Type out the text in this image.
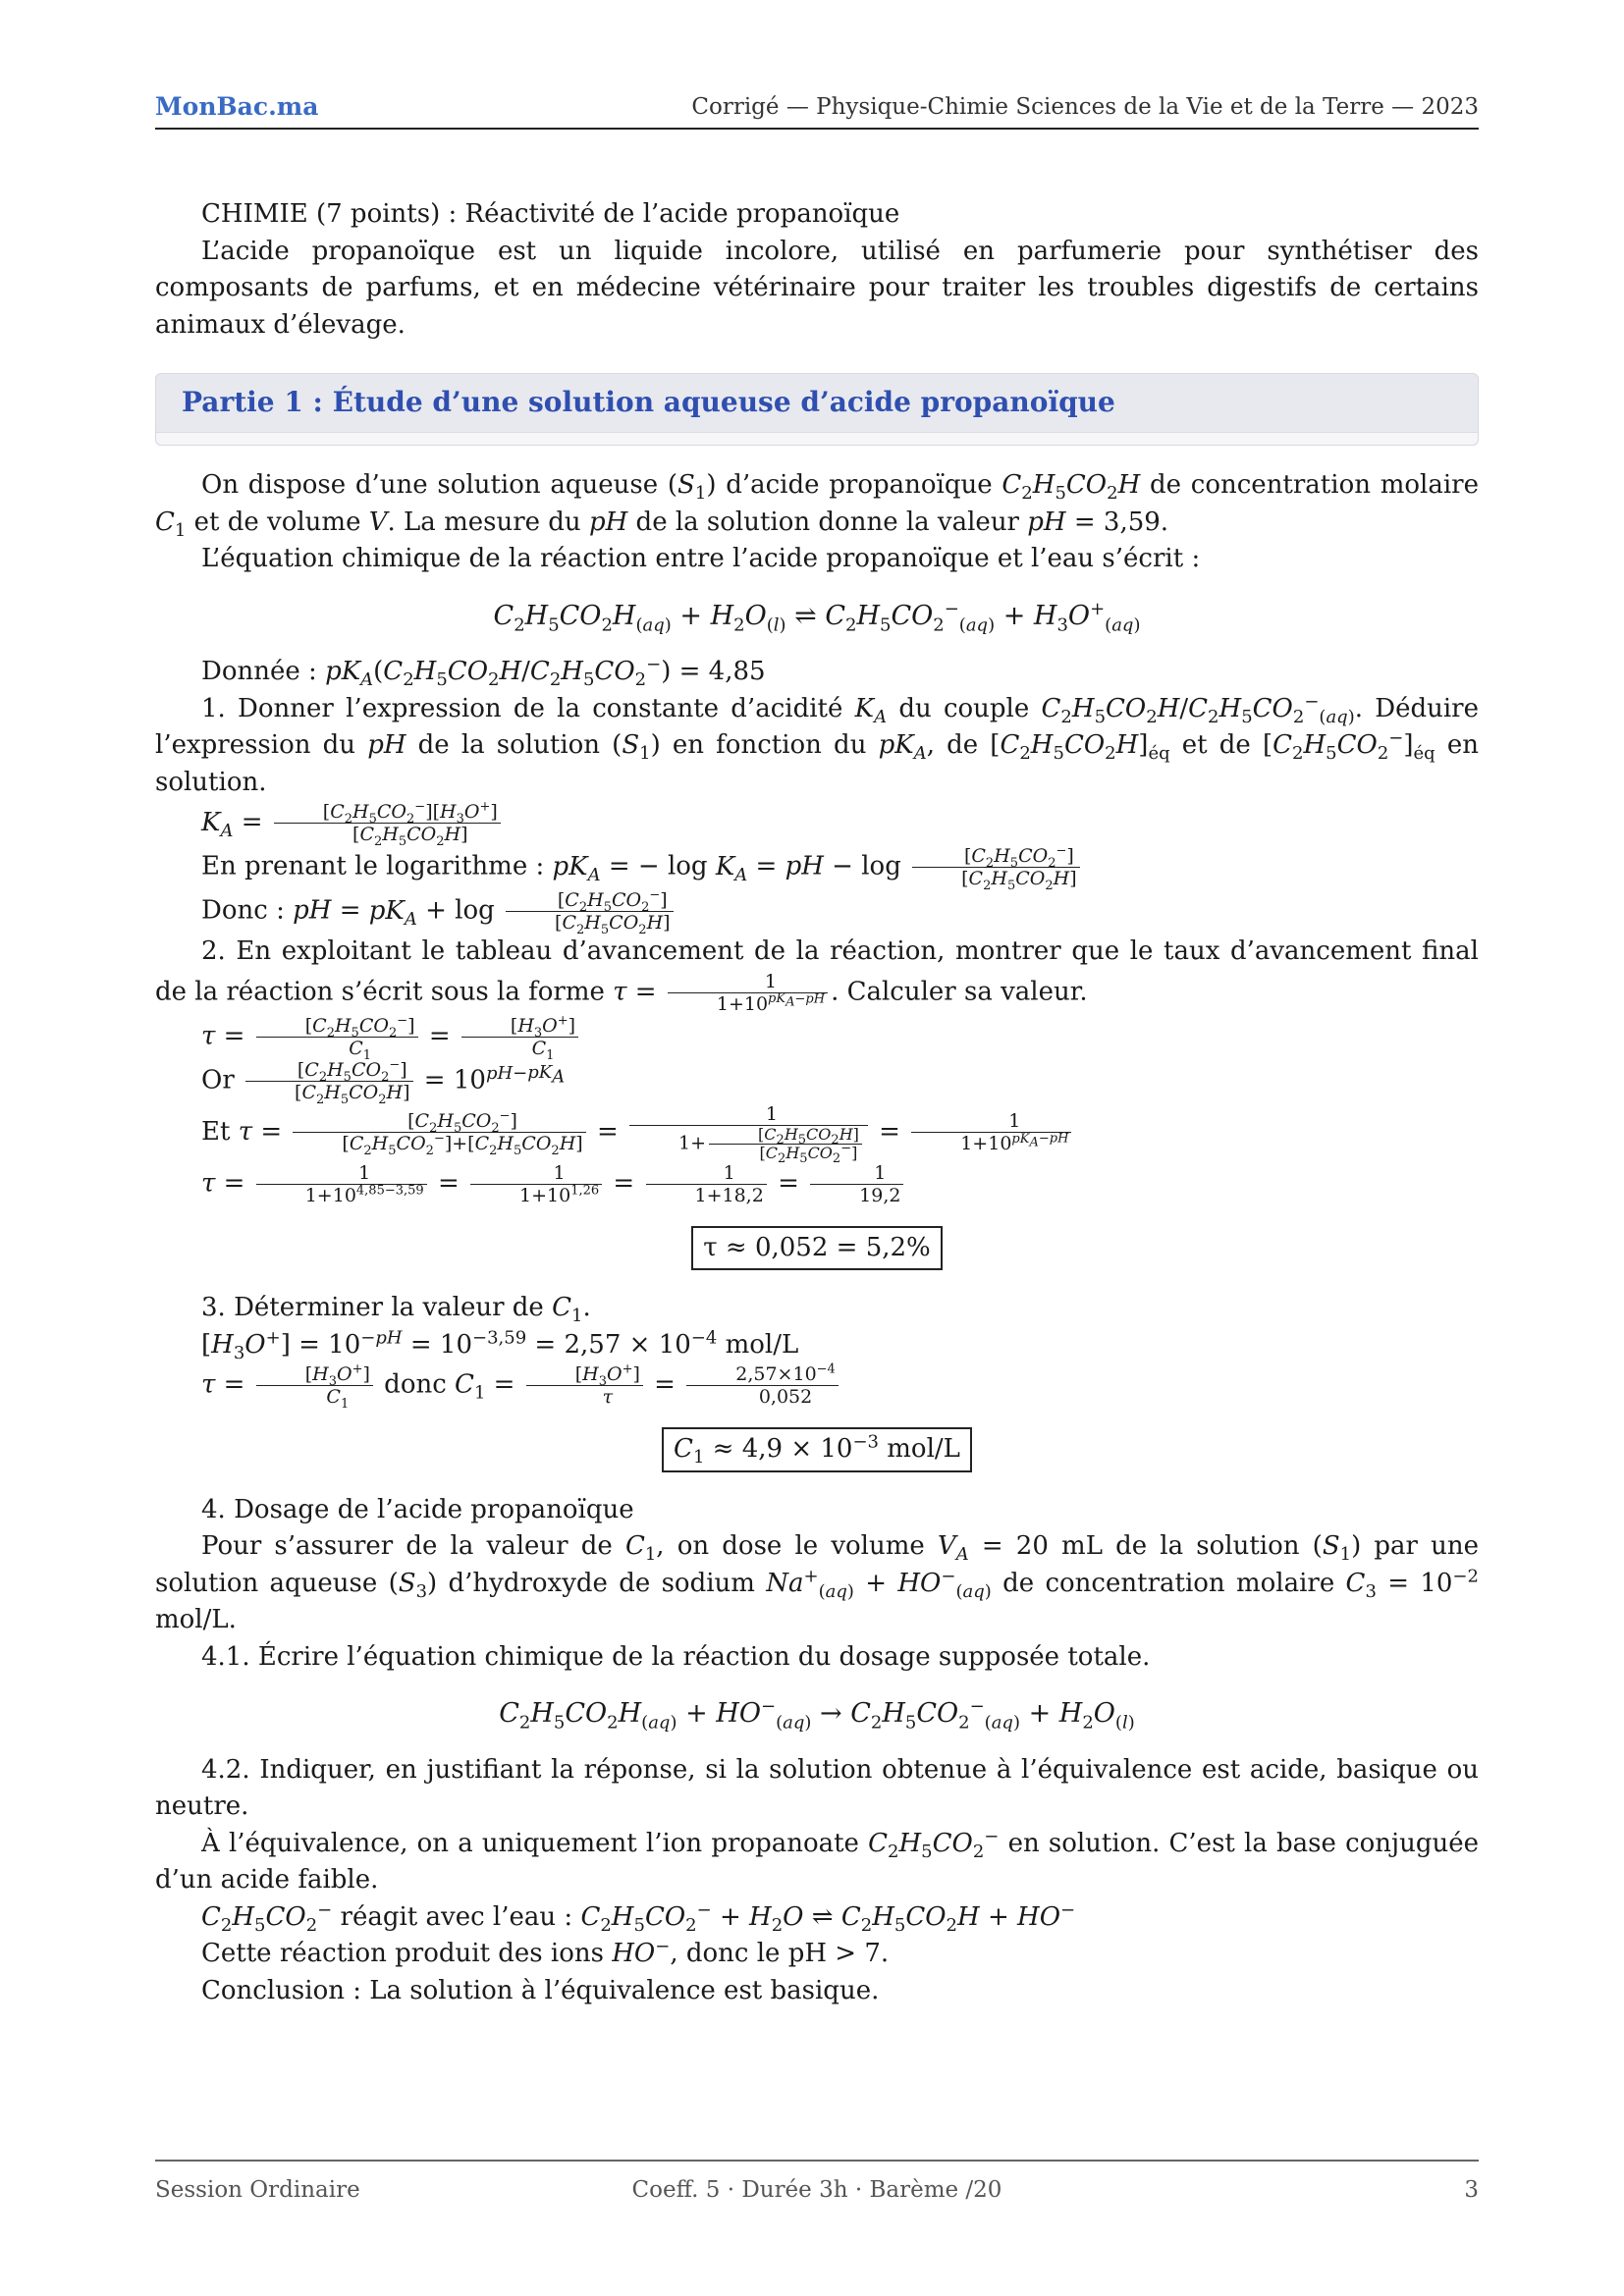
MonBac.ma	Corrigé — Physique-Chimie Sciences de la Vie et de la Terre — 2023

CHIMIE (7 points) : Réactivité de l’acide propanoïque

L’acide propanoïque est un liquide incolore, utilisé en parfumerie pour synthétiser des composants de parfums, et en médecine vétérinaire pour traiter les troubles digestifs de certains animaux d’élevage.

Partie 1 : Étude d’une solution aqueuse d’acide propanoïque

On dispose d’une solution aqueuse $(S_1)$ d’acide propanoïque $C_2H_5CO_2H$ de concentration molaire $C_1$ et de volume V. La mesure du pH de la solution donne la valeur pH = 3,59.

L’équation chimique de la réaction entre l’acide propanoïque et l’eau s’écrit :

$C_2H_5CO_2H_{(aq)} + H_2O_{(l)}$ ⇌ $C_2H_5CO_2^-_{(aq)} + H_3O^+_{(aq)}$

Donnée : $pK_A(C_2H_5CO_2H/C_2H_5CO_2^-) = 4,85$

1. Donner l’expression de la constante d’acidité $K_A$ du couple $C_2H_5CO_2H/C_2H_5CO_2^-_{(aq)}$. Déduire l’expression du pH de la solution $(S_1)$ en fonction du $pK_A$, de $[C_2H_5CO_2H]_{éq}$ et de $[C_2H_5CO_2^-]_{éq}$ en solution.

$K_A = \frac{[C_2H_5CO_2^-][H_3O^+]}{[C_2H_5CO_2H]}$

En prenant le logarithme : $pK_A$ = − $\log K_A$ = pH − $\log \frac{[C_2H_5CO_2^-]}{[C_2H_5CO_2H]}$

Donc : pH = $pK_A + \log \frac{[C_2H_5CO_2^-]}{[C_2H_5CO_2H]}$

2. En exploitant le tableau d’avancement de la réaction, montrer que le taux d’avancement final de la réaction s’écrit sous la forme $\tau = \frac{1}{1+10^{pK_A-pH}}$ . Calculer sa valeur.

$\tau = \frac{[C_2H_5CO_2^-]}{C_1} = \frac{[H_3O^+]}{C_1}$

Or $\frac{[C_2H_5CO_2^-]}{[C_2H_5CO_2H]} = 10^{pH-pK_A}$

Et $\tau = \frac{[C_2H_5CO_2^-]}{[C_2H_5CO_2^-]+[C_2H_5CO_2H]} = \frac{1}{1+ \frac{[C_2H_5CO_2H]}{[C_2H_5CO_2^-]}} = \frac{1}{1+10^{pK_A-pH}}$

$\tau = \frac{1}{1+10^{4,85-3,59}} = \frac{1}{1+10^{1,26}} = \frac{1}{1+18,2} = \frac{1}{19,2}$

τ ≈ 0,052 = 5,2%

3. Déterminer la valeur de $C_1$.

$[H_3O^+] = 10^{-pH} = 10^{-3,59} = 2,57 \times 10^{-4}$ mol/L

$\tau = \frac{[H_3O^+]}{C_1}$ donc $C_1 = \frac{[H_3O^+]}{\tau} = \frac{2,57\times 10^{-4}}{0,052}$

$C_1 \approx 4,9 \times 10^{-3}$ mol/L

4. Dosage de l’acide propanoïque

Pour s’assurer de la valeur de $C_1$, on dose le volume $V_A = 20$ mL de la solution $(S_1)$ par une solution aqueuse $(S_3)$ d’hydroxyde de sodium $Na^+_{(aq)} + HO^-_{(aq)}$ de concentration molaire $C_3 = 10^{-2}$ mol/L.

4.1. Écrire l’équation chimique de la réaction du dosage supposée totale.

$C_2H_5CO_2H_{(aq)} + HO^-_{(aq)} \to C_2H_5CO_2^-_{(aq)} + H_2O_{(l)}$

4.2. Indiquer, en justifiant la réponse, si la solution obtenue à l’équivalence est acide, basique ou neutre.

À l’équivalence, on a uniquement l’ion propanoate $C_2H_5CO_2^-$ en solution. C’est la base conjuguée d’un acide faible.

$C_2H_5CO_2^-$ réagit avec l’eau : $C_2H_5CO_2^- + H_2O$ ⇌ $C_2H_5CO_2H + HO^-$

Cette réaction produit des ions HO−, donc le pH > 7.

Conclusion : La solution à l’équivalence est basique.

Session Ordinaire	Coeff. 5 · Durée 3h · Barème /20	3
